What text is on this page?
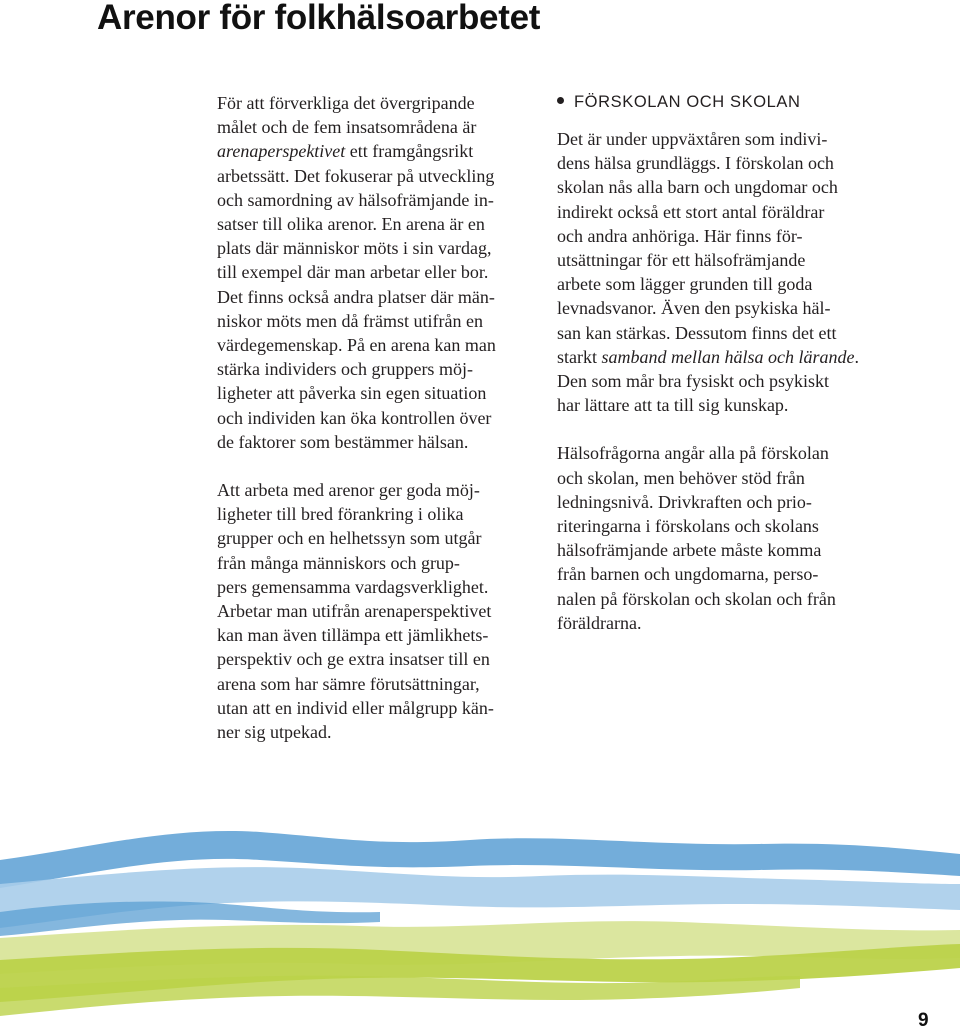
Arenor för folkhälsoarbetet

För att förverkliga det övergripande
målet och de fem insatsområdena är
arenaperspektivet ett framgångsrikt
arbetssätt. Det fokuserar på utveckling
och samordning av hälsofrämjande in-
satser till olika arenor. En arena är en
plats där människor möts i sin vardag,
till exempel där man arbetar eller bor.
Det finns också andra platser där män-
niskor möts men då främst utifrån en
värdegemenskap. På en arena kan man
stärka individers och gruppers möj-
ligheter att påverka sin egen situation
och individen kan öka kontrollen över
de faktorer som bestämmer hälsan.

Att arbeta med arenor ger goda möj-
ligheter till bred förankring i olika
grupper och en helhetssyn som utgår
från många människors och grup-
pers gemensamma vardagsverklighet.
Arbetar man utifrån arenaperspektivet
kan man även tillämpa ett jämlikhets-
perspektiv och ge extra insatser till en
arena som har sämre förutsättningar,
utan att en individ eller målgrupp kän-
ner sig utpekad.

FÖRSKOLAN OCH SKOLAN

Det är under uppväxtåren som indivi-
dens hälsa grundläggs. I förskolan och
skolan nås alla barn och ungdomar och
indirekt också ett stort antal föräldrar
och andra anhöriga. Här finns för-
utsättningar för ett hälsofrämjande
arbete som lägger grunden till goda
levnadsvanor. Även den psykiska häl-
san kan stärkas. Dessutom finns det ett
starkt samband mellan hälsa och lärande.
Den som mår bra fysiskt och psykiskt
har lättare att ta till sig kunskap.

Hälsofrågorna angår alla på förskolan
och skolan, men behöver stöd från
ledningsnivå. Drivkraften och prio-
riteringarna i förskolans och skolans
hälsofrämjande arbete måste komma
från barnen och ungdomarna, perso-
nalen på förskolan och skolan och från
föräldrarna.

9
